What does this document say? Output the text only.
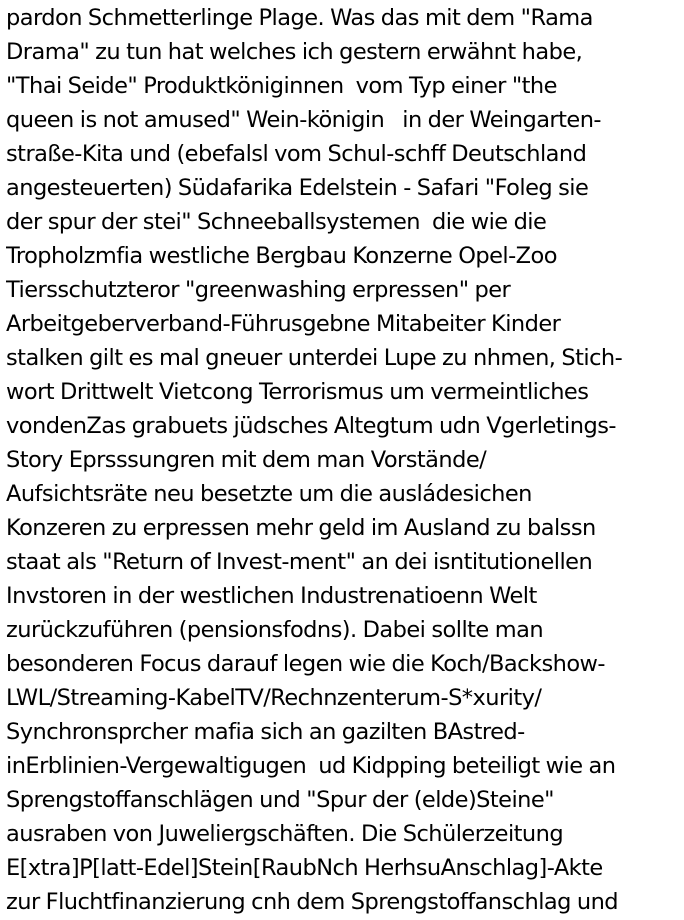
pardon Schmetterlinge Plage. Was das mit dem "Rama
Drama" zu tun hat welches ich gestern erwähnt habe,
"Thai Seide" Produktköniginnen  vom Typ einer "the
queen is not amused" Wein-königin   in der Weingarten-
straße-Kita und (ebefalsl vom Schul-schff Deutschland
angesteuerten) Südafarika Edelstein - Safari "Foleg sie
der spur der stei" Schneeballsystemen  die wie die
Tropholzmfia westliche Bergbau Konzerne Opel-Zoo
Tiersschutzteror "greenwashing erpressen" per
Arbeitgeberverband-Führusgebne Mitabeiter Kinder
stalken gilt es mal gneuer unterdei Lupe zu nhmen, Stich-
wort Drittwelt Vietcong Terrorismus um vermeintliches
vondenZas grabuets jüdsches Altegtum udn Vgerletings-
Story Eprsssungren mit dem man Vorstände/
Aufsichtsräte neu besetzte um die ausládesichen
Konzeren zu erpressen mehr geld im Ausland zu balssn
staat als "Return of Invest-ment" an dei isntitutionellen
Invstoren in der westlichen Industrenatioenn Welt
zurückzuführen (pensionsfodns). Dabei sollte man
besonderen Focus darauf legen wie die Koch/Backshow-
LWL/Streaming-KabelTV/Rechnzenterum-S*xurity/
Synchronsprcher mafia sich an gazilten BAstred-
inErblinien-Vergewaltigugen  ud Kidpping beteiligt wie an
Sprengstoffanschlägen und "Spur der (elde)Steine"
ausraben von Juweliergschäften. Die Schülerzeitung
E[xtra]P[latt-Edel]Stein[RaubNch HerhsuAnschlag]-Akte
zur Fluchtfinanzierung cnh dem Sprengstoffanschlag und
